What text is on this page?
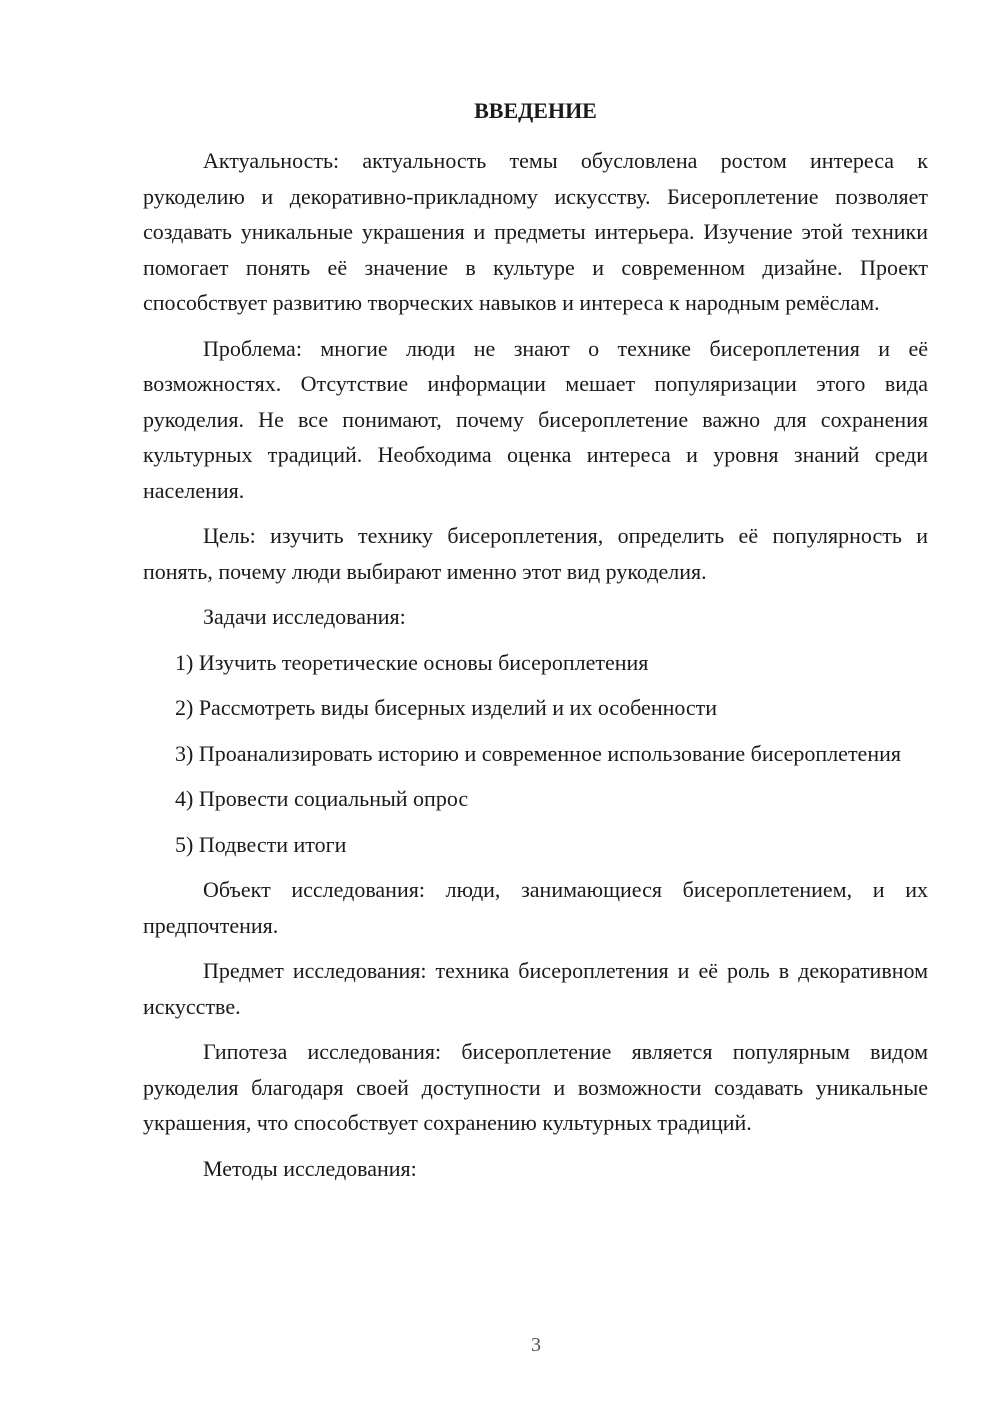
ВВЕДЕНИЕ

Актуальность: актуальность темы обусловлена ростом интереса к рукоделию и декоративно-прикладному искусству. Бисероплетение позволяет создавать уникальные украшения и предметы интерьера. Изучение этой техники помогает понять её значение в культуре и современном дизайне. Проект способствует развитию творческих навыков и интереса к народным ремёслам.

Проблема: многие люди не знают о технике бисероплетения и её возможностях. Отсутствие информации мешает популяризации этого вида рукоделия. Не все понимают, почему бисероплетение важно для сохранения культурных традиций. Необходима оценка интереса и уровня знаний среди населения.

Цель: изучить технику бисероплетения, определить её популярность и понять, почему люди выбирают именно этот вид рукоделия.

Задачи исследования:

1) Изучить теоретические основы бисероплетения

2) Рассмотреть виды бисерных изделий и их особенности

3) Проанализировать историю и современное использование бисероплетения

4) Провести социальный опрос

5) Подвести итоги

Объект исследования: люди, занимающиеся бисероплетением, и их предпочтения.

Предмет исследования: техника бисероплетения и её роль в декоративном искусстве.

Гипотеза исследования: бисероплетение является популярным видом рукоделия благодаря своей доступности и возможности создавать уникальные украшения, что способствует сохранению культурных традиций.

Методы исследования:

3
